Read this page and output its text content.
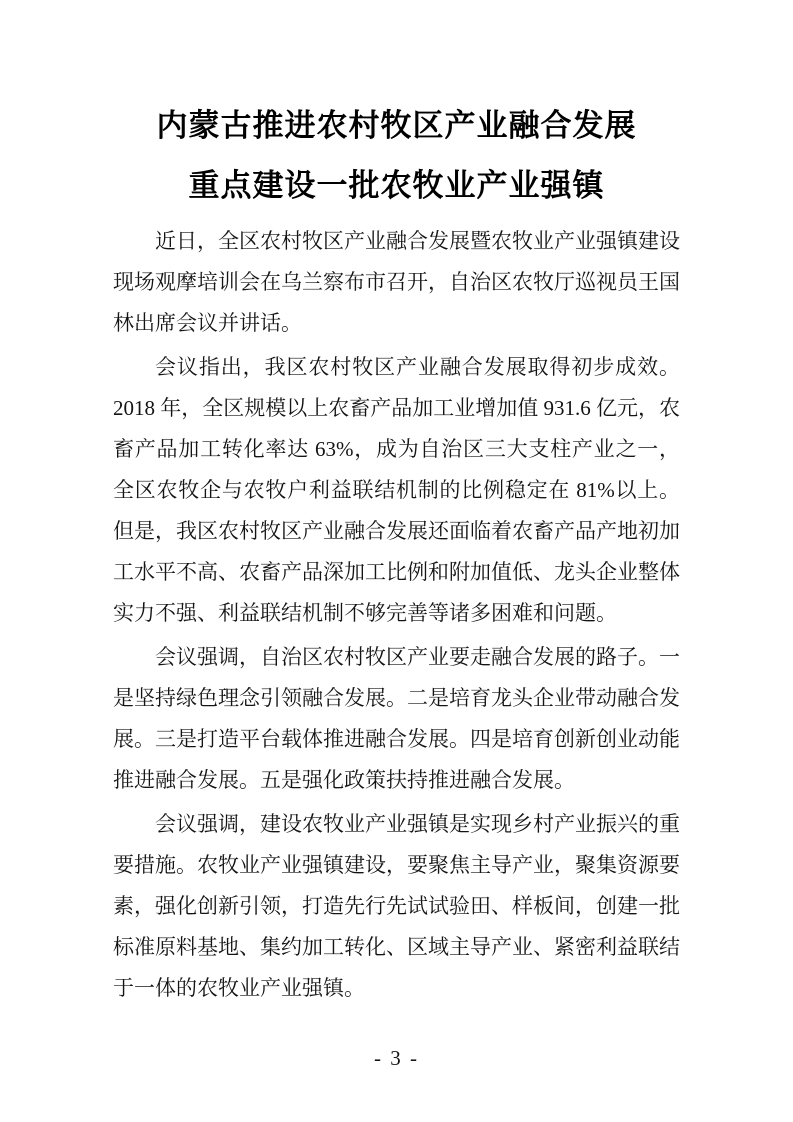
内蒙古推进农村牧区产业融合发展
重点建设一批农牧业产业强镇

近日，全区农村牧区产业融合发展暨农牧业产业强镇建设现场观摩培训会在乌兰察布市召开，自治区农牧厅巡视员王国林出席会议并讲话。

会议指出，我区农村牧区产业融合发展取得初步成效。2018 年，全区规模以上农畜产品加工业增加值 931.6 亿元，农畜产品加工转化率达 63%，成为自治区三大支柱产业之一，全区农牧企与农牧户利益联结机制的比例稳定在 81%以上。但是，我区农村牧区产业融合发展还面临着农畜产品产地初加工水平不高、农畜产品深加工比例和附加值低、龙头企业整体实力不强、利益联结机制不够完善等诸多困难和问题。

会议强调，自治区农村牧区产业要走融合发展的路子。一是坚持绿色理念引领融合发展。二是培育龙头企业带动融合发展。三是打造平台载体推进融合发展。四是培育创新创业动能推进融合发展。五是强化政策扶持推进融合发展。

会议强调，建设农牧业产业强镇是实现乡村产业振兴的重要措施。农牧业产业强镇建设，要聚焦主导产业，聚集资源要素，强化创新引领，打造先行先试试验田、样板间，创建一批标准原料基地、集约加工转化、区域主导产业、紧密利益联结于一体的农牧业产业强镇。

- 3 -
